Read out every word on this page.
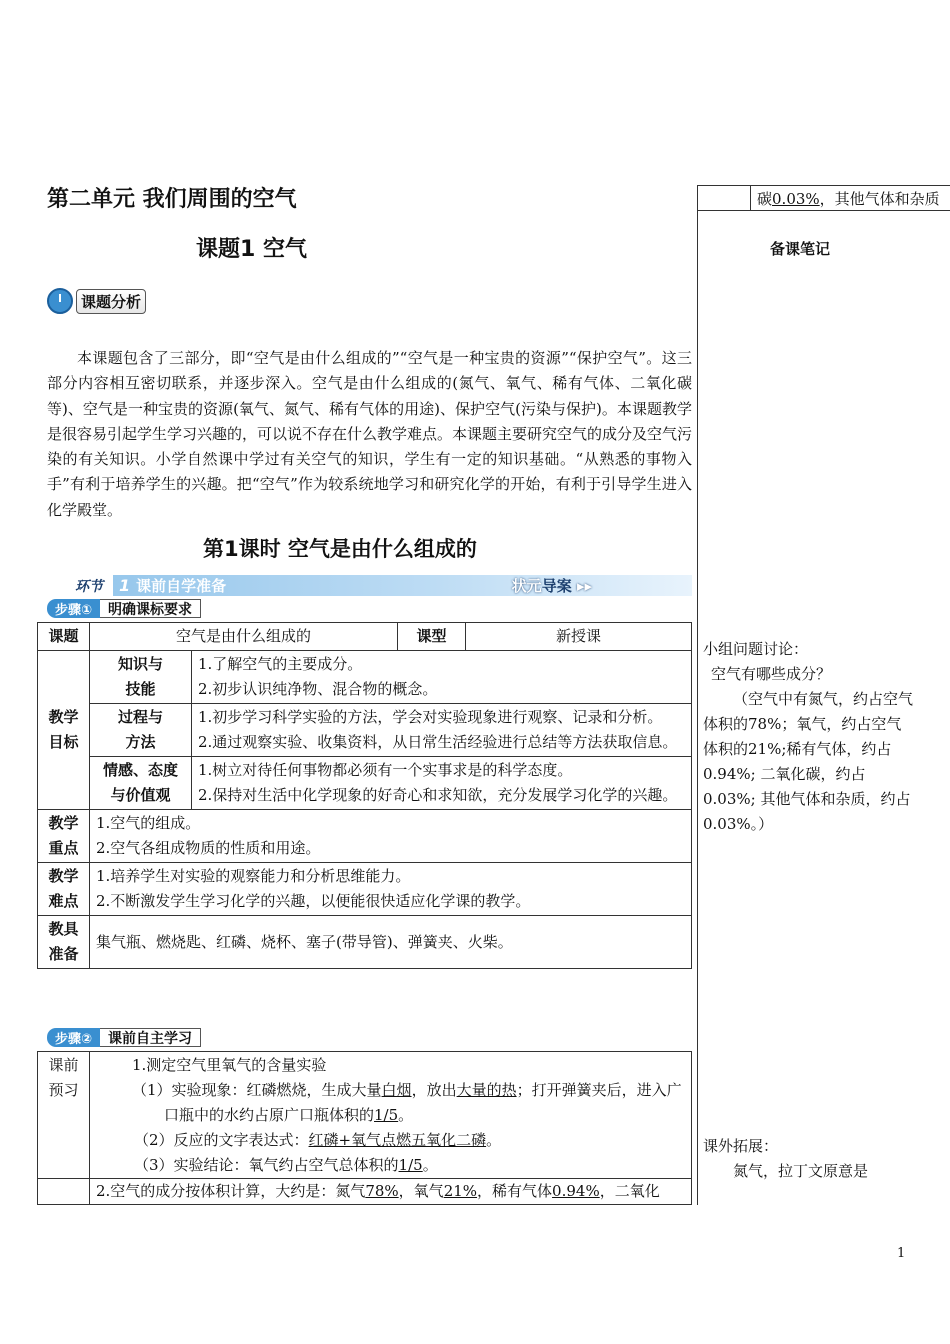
第二单元 我们周围的空气
课题1 空气
课题分析
本课题包含了三部分，即“空气是由什么组成的”“空气是一种宝贵的资源”“保护空气”。这三部分内容相互密切联系，并逐步深入。空气是由什么组成的(氮气、氧气、稀有气体、二氧化碳等)、空气是一种宝贵的资源(氧气、氮气、稀有气体的用途)、保护空气(污染与保护)。本课题教学是很容易引起学生学习兴趣的，可以说不存在什么教学难点。本课题主要研究空气的成分及空气污染的有关知识。小学自然课中学过有关空气的知识，学生有一定的知识基础。“从熟悉的事物入手”有利于培养学生的兴趣。把“空气”作为较系统地学习和研究化学的开始，有利于引导学生进入化学殿堂。
第1课时 空气是由什么组成的
环节	1 课前自学准备	状元导案 ▸▸
步骤①	明确课标要求
课题	空气是由什么组成的		课型	新授课
教学目标	知识与技能	1.了解空气的主要成分。
2.初步认识纯净物、混合物的概念。		

	过程与方法	1.初步学习科学实验的方法，学会对实验现象进行观察、记录和分析。
2.通过观察实验、收集资料，从日常生活经验进行总结等方法获取信息。		

	情感、态度与价值观	1.树立对待任何事物都必须有一个实事求是的科学态度。
2.保持对生活中化学现象的好奇心和求知欲，充分发展学习化学的兴趣。		

教学重点	1.空气的组成。
2.空气各组成物质的性质和用途。			

教学难点	1.培养学生对实验的观察能力和分析思维能力。
2.不断激发学生学习化学的兴趣，以便能很快适应化学课的教学。			

教具准备	集气瓶、燃烧匙、红磷、烧杯、塞子(带导管)、弹簧夹、火柴。			
步骤②	课前自主学习
课前预习	1.测定空气里氧气的含量实验
（1）实验现象：红磷燃烧，生成大量白烟，放出大量的热；打开弹簧夹后，进入广口瓶中的水约占原广口瓶体积的1/5。
（2）反应的文字表达式：红磷+氧气点燃五氧化二磷。
（3）实验结论：氧气约占空气总体积的1/5。

	2.空气的成分按体积计算，大约是：氮气78%，氧气21%，稀有气体0.94%，二氧化
碳0.03%，其他气体和杂质
备课笔记
小组问题讨论：
空气有哪些成分？
（空气中有氮气，约占空气体积的78%；氧气，约占空气体积的21%;稀有气体，约占0.94%; 二氧化碳，约占0.03%; 其他气体和杂质，约占0.03%。）
课外拓展：
氮气，拉丁文原意是
1
